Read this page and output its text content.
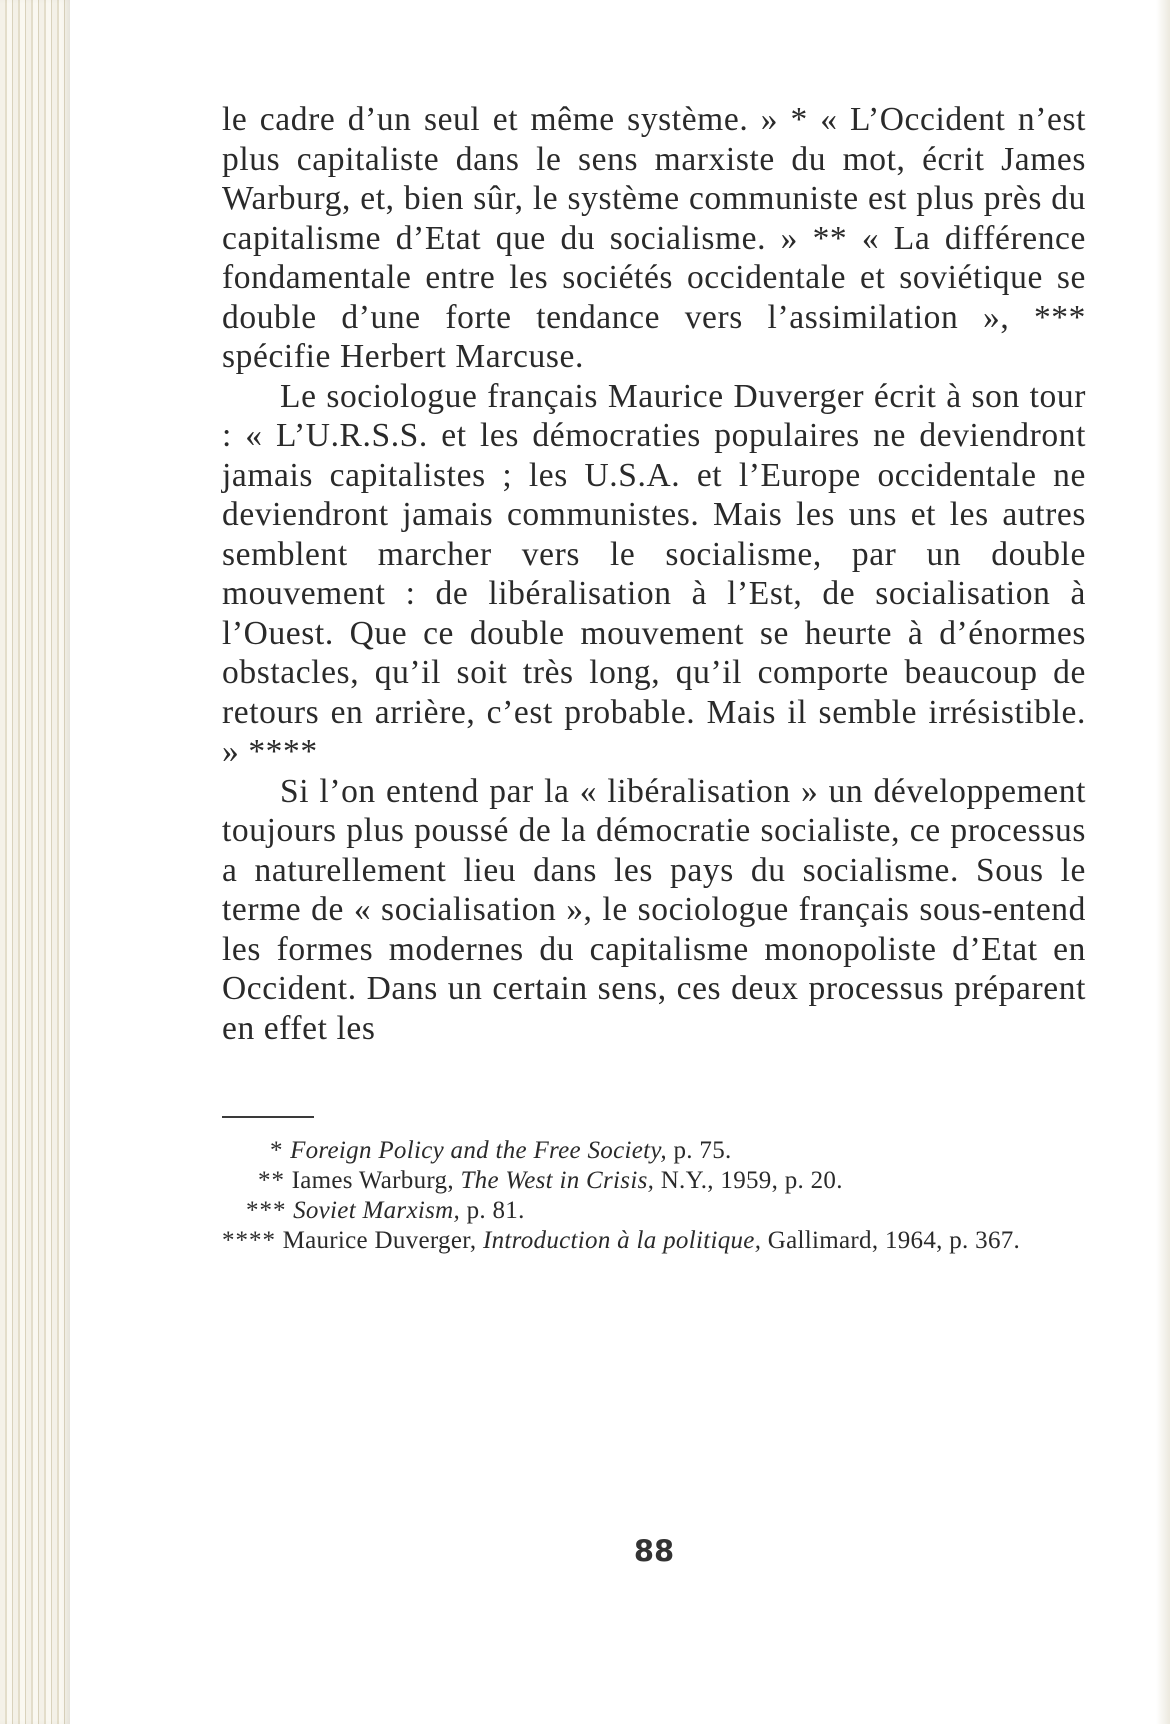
le cadre d’un seul et même système. » * « L’Occident n’est plus capitaliste dans le sens marxiste du mot, écrit James Warburg, et, bien sûr, le système communiste est plus près du capitalisme d’Etat que du socialisme. » ** « La différence fondamentale entre les sociétés occidentale et soviétique se double d’une forte tendance vers l’assimilation », *** spécifie Herbert Marcuse.

Le sociologue français Maurice Duverger écrit à son tour : « L’U.R.S.S. et les démocraties populaires ne deviendront jamais capitalistes ; les U.S.A. et l’Europe occidentale ne deviendront jamais communistes. Mais les uns et les autres semblent marcher vers le socialisme, par un double mouvement : de libéralisation à l’Est, de socialisation à l’Ouest. Que ce double mouvement se heurte à d’énormes obstacles, qu’il soit très long, qu’il comporte beaucoup de retours en arrière, c’est probable. Mais il semble irrésistible. » ****

Si l’on entend par la « libéralisation » un développement toujours plus poussé de la démocratie socialiste, ce processus a naturellement lieu dans les pays du socialisme. Sous le terme de « socialisation », le sociologue français sous-entend les formes modernes du capitalisme monopoliste d’Etat en Occident. Dans un certain sens, ces deux processus préparent en effet les

* Foreign Policy and the Free Society, p. 75.
** Iames Warburg, The West in Crisis, N.Y., 1959, p. 20.
*** Soviet Marxism, p. 81.
**** Maurice Duverger, Introduction à la politique, Gallimard, 1964, p. 367.
88
